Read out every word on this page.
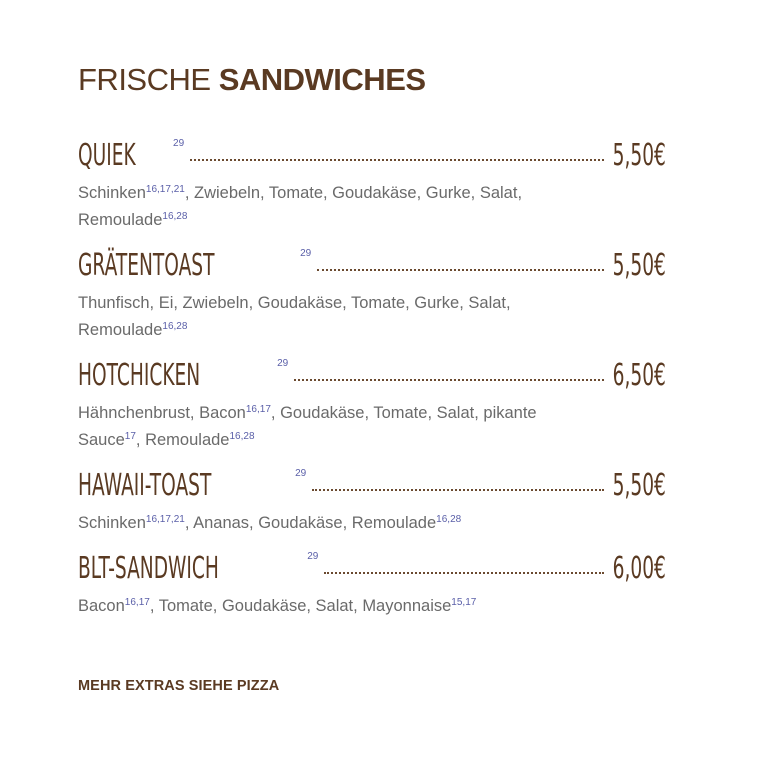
FRISCHE SANDWICHES
QUIEK	29	5,50€
Schinken$^{16,17,21}$, Zwiebeln, Tomate, Goudakäse, Gurke, Salat, Remoulade$^{16,28}$
GRÄTENTOAST	29	5,50€
Thunfisch, Ei, Zwiebeln, Goudakäse, Tomate, Gurke, Salat, Remoulade$^{16,28}$
HOTCHICKEN	29	6,50€
Hähnchenbrust, Bacon$^{16,17}$, Goudakäse, Tomate, Salat, pikante Sauce$^{17}$, Remoulade$^{16,28}$
HAWAII-TOAST	29	5,50€
Schinken$^{16,17,21}$, Ananas, Goudakäse, Remoulade$^{16,28}$
BLT-SANDWICH	29	6,00€
Bacon$^{16,17}$, Tomate, Goudakäse, Salat, Mayonnaise$^{15,17}$
MEHR EXTRAS SIEHE PIZZA
